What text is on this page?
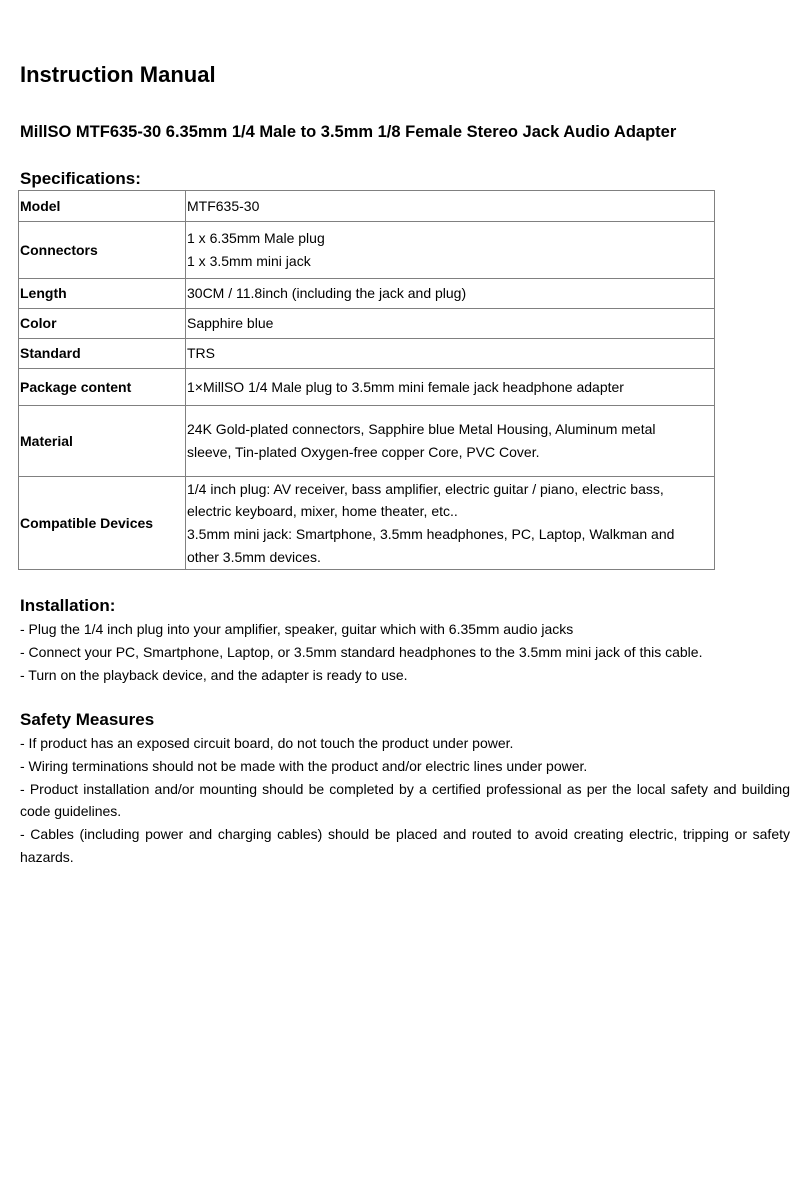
Instruction Manual
MillSO MTF635-30 6.35mm 1/4 Male to 3.5mm 1/8 Female Stereo Jack Audio Adapter
Specifications:
Model	MTF635-30

Connectors	1 x 6.35mm Male plug
1 x 3.5mm mini jack

Length	30CM / 11.8inch (including the jack and plug)

Color	Sapphire blue

Standard	TRS

Package content	1×MillSO 1/4 Male plug to 3.5mm mini female jack headphone adapter

Material	24K Gold-plated connectors, Sapphire blue Metal Housing, Aluminum metal
sleeve, Tin-plated Oxygen-free copper Core, PVC Cover.

Compatible Devices	1/4 inch plug: AV receiver, bass amplifier, electric guitar / piano, electric bass,
electric keyboard, mixer, home theater, etc..
3.5mm mini jack: Smartphone, 3.5mm headphones, PC, Laptop, Walkman and
other 3.5mm devices.
Installation:
- Plug the 1/4 inch plug into your amplifier, speaker, guitar which with 6.35mm audio jacks
- Connect your PC, Smartphone, Laptop, or 3.5mm standard headphones to the 3.5mm mini jack of this cable.
- Turn on the playback device, and the adapter is ready to use.
Safety Measures
- If product has an exposed circuit board, do not touch the product under power.
- Wiring terminations should not be made with the product and/or electric lines under power.
- Product installation and/or mounting should be completed by a certified professional as per the local safety and building code guidelines.
- Cables (including power and charging cables) should be placed and routed to avoid creating electric, tripping or safety hazards.
